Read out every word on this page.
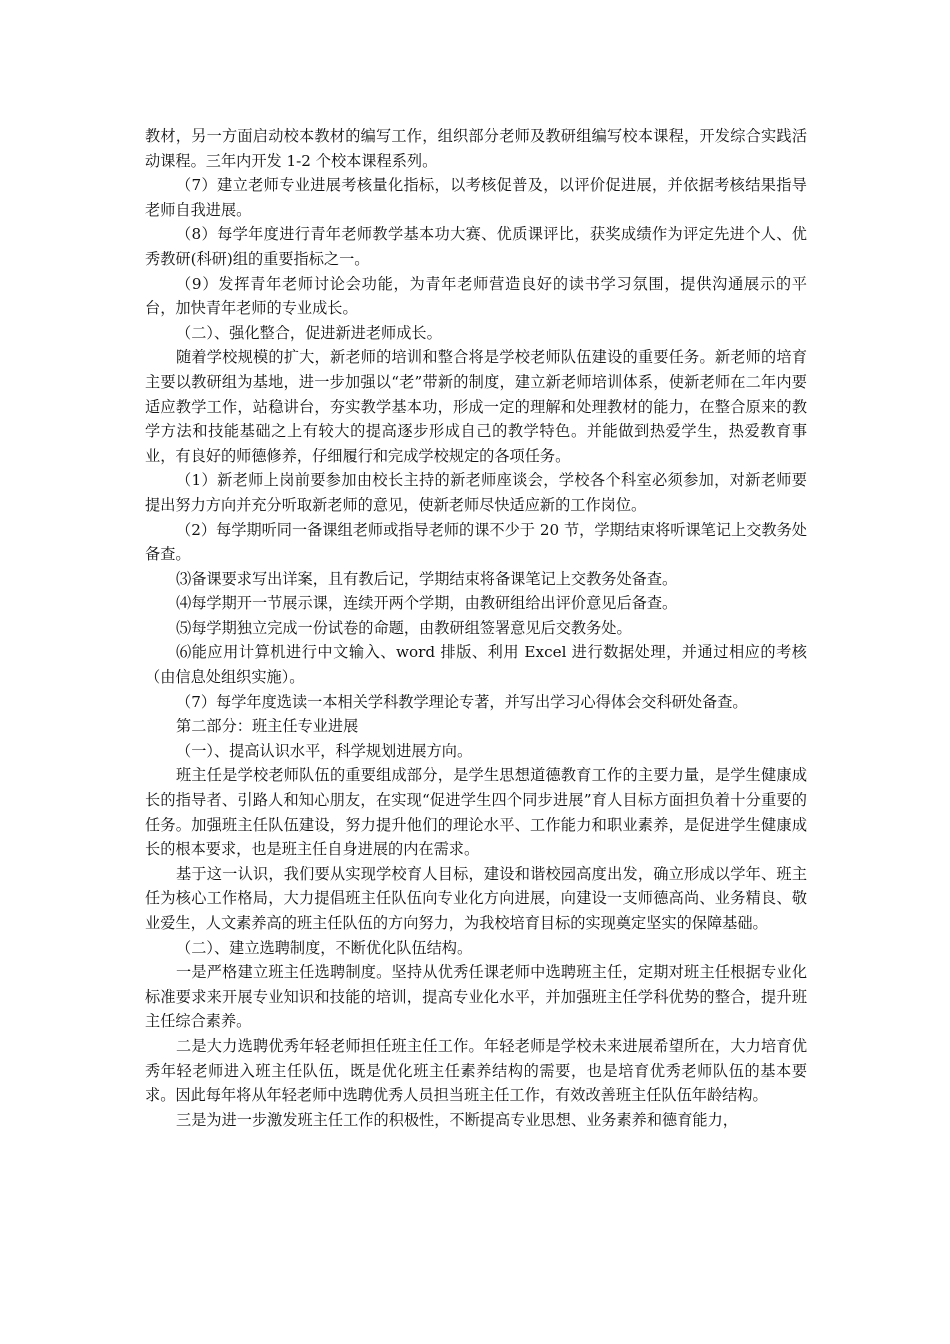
教材，另一方面启动校本教材的编写工作，组织部分老师及教研组编写校本课程，开发综合实践活动课程。三年内开发 1-2 个校本课程系列。

（7）建立老师专业进展考核量化指标，以考核促普及，以评价促进展，并依据考核结果指导老师自我进展。

（8）每学年度进行青年老师教学基本功大赛、优质课评比，获奖成绩作为评定先进个人、优秀教研(科研)组的重要指标之一。

（9）发挥青年老师讨论会功能，为青年老师营造良好的读书学习氛围，提供沟通展示的平台，加快青年老师的专业成长。

（二）、强化整合，促进新进老师成长。

随着学校规模的扩大，新老师的培训和整合将是学校老师队伍建设的重要任务。新老师的培育主要以教研组为基地，进一步加强以“老”带新的制度，建立新老师培训体系，使新老师在二年内要适应教学工作，站稳讲台，夯实教学基本功，形成一定的理解和处理教材的能力，在整合原来的教学方法和技能基础之上有较大的提高逐步形成自己的教学特色。并能做到热爱学生，热爱教育事业，有良好的师德修养，仔细履行和完成学校规定的各项任务。

（1）新老师上岗前要参加由校长主持的新老师座谈会，学校各个科室必须参加，对新老师要提出努力方向并充分听取新老师的意见，使新老师尽快适应新的工作岗位。

（2）每学期听同一备课组老师或指导老师的课不少于 20 节，学期结束将听课笔记上交教务处备查。

⑶备课要求写出详案，且有教后记，学期结束将备课笔记上交教务处备查。

⑷每学期开一节展示课，连续开两个学期，由教研组给出评价意见后备查。

⑸每学期独立完成一份试卷的命题，由教研组签署意见后交教务处。

⑹能应用计算机进行中文输入、word 排版、利用 Excel 进行数据处理，并通过相应的考核（由信息处组织实施）。

（7）每学年度选读一本相关学科教学理论专著，并写出学习心得体会交科研处备查。

第二部分：班主任专业进展

（一）、提高认识水平，科学规划进展方向。

班主任是学校老师队伍的重要组成部分，是学生思想道德教育工作的主要力量，是学生健康成长的指导者、引路人和知心朋友，在实现“促进学生四个同步进展”育人目标方面担负着十分重要的任务。加强班主任队伍建设，努力提升他们的理论水平、工作能力和职业素养，是促进学生健康成长的根本要求，也是班主任自身进展的内在需求。

基于这一认识，我们要从实现学校育人目标，建设和谐校园高度出发，确立形成以学年、班主任为核心工作格局，大力提倡班主任队伍向专业化方向进展，向建设一支师德高尚、业务精良、敬业爱生，人文素养高的班主任队伍的方向努力，为我校培育目标的实现奠定坚实的保障基础。

（二）、建立选聘制度，不断优化队伍结构。

一是严格建立班主任选聘制度。坚持从优秀任课老师中选聘班主任，定期对班主任根据专业化标准要求来开展专业知识和技能的培训，提高专业化水平，并加强班主任学科优势的整合，提升班主任综合素养。

二是大力选聘优秀年轻老师担任班主任工作。年轻老师是学校未来进展希望所在，大力培育优秀年轻老师进入班主任队伍，既是优化班主任素养结构的需要，也是培育优秀老师队伍的基本要求。因此每年将从年轻老师中选聘优秀人员担当班主任工作，有效改善班主任队伍年龄结构。

三是为进一步激发班主任工作的积极性，不断提高专业思想、业务素养和德育能力，
